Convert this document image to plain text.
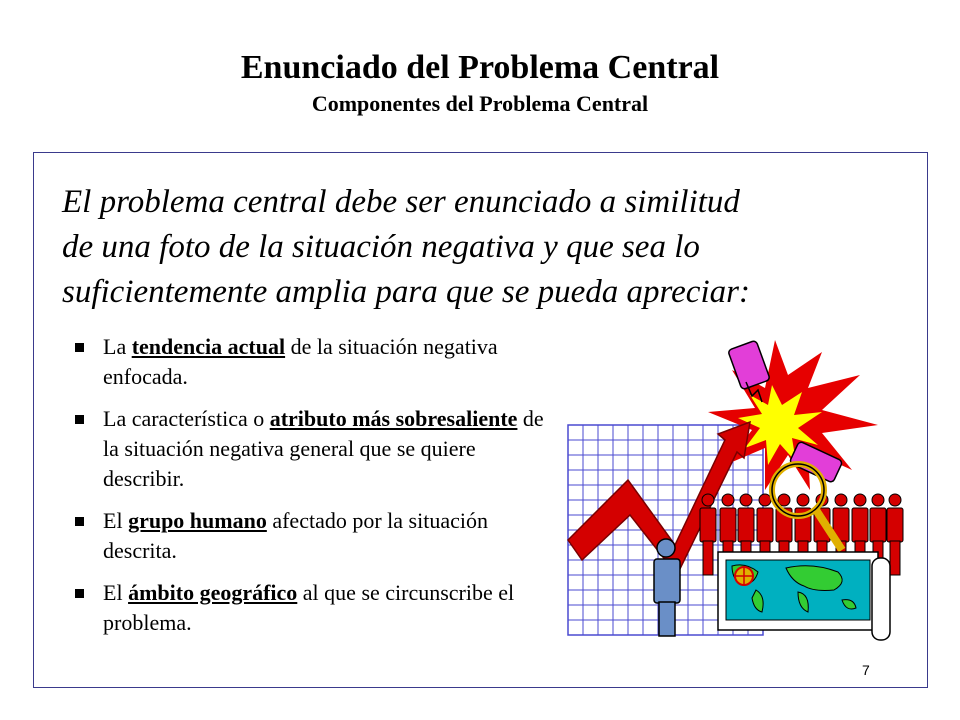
Enunciado del Problema Central
Componentes del Problema Central
El problema central debe ser enunciado a similitud
de una foto de la situación negativa y que sea lo
suficientemente amplia para que se pueda apreciar:
La tendencia actual de la situación negativa enfocada.
La característica o atributo más sobresaliente de la situación negativa general que se quiere describir.
El grupo humano afectado por la situación descrita.
El ámbito geográfico al que se circunscribe el problema.
7
